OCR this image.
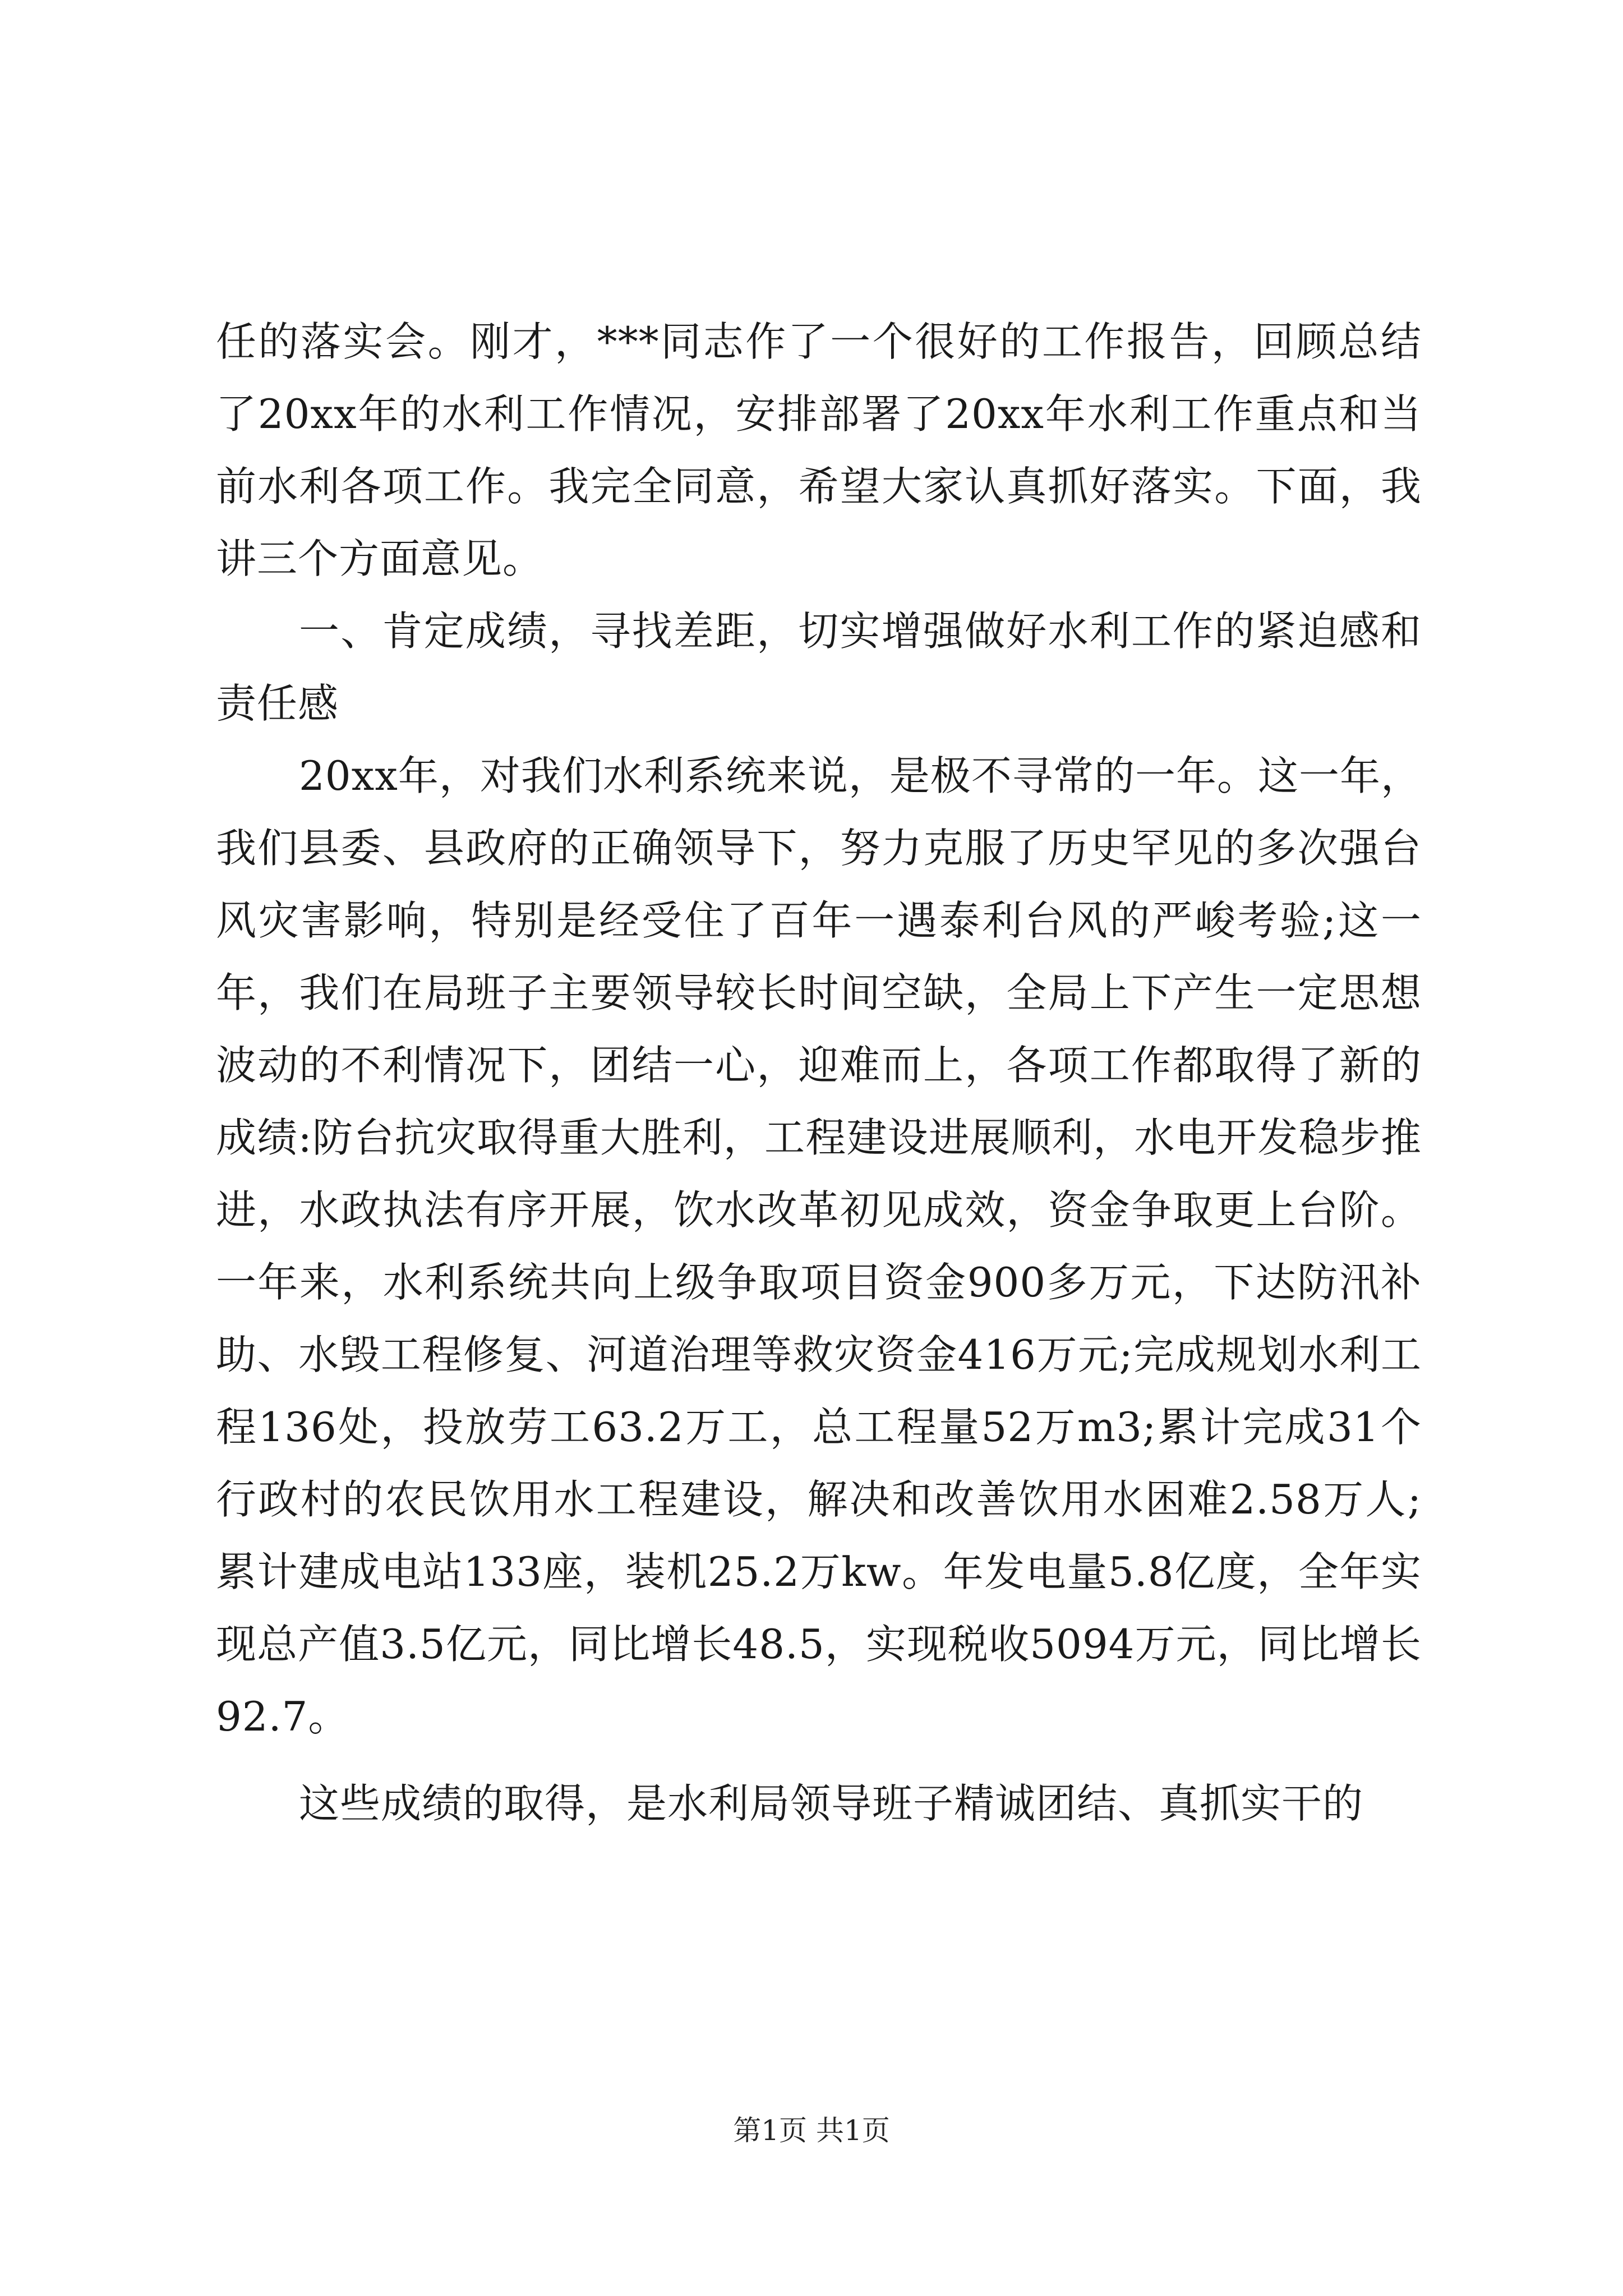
任的落实会。刚才，***同志作了一个很好的工作报告，回顾总结了20xx年的水利工作情况，安排部署了20xx年水利工作重点和当前水利各项工作。我完全同意，希望大家认真抓好落实。下面，我讲三个方面意见。

一、肯定成绩，寻找差距，切实增强做好水利工作的紧迫感和责任感

20xx年，对我们水利系统来说，是极不寻常的一年。这一年，我们县委、县政府的正确领导下，努力克服了历史罕见的多次强台风灾害影响，特别是经受住了百年一遇泰利台风的严峻考验;这一年，我们在局班子主要领导较长时间空缺，全局上下产生一定思想波动的不利情况下，团结一心，迎难而上，各项工作都取得了新的成绩:防台抗灾取得重大胜利，工程建设进展顺利，水电开发稳步推进，水政执法有序开展，饮水改革初见成效，资金争取更上台阶。一年来，水利系统共向上级争取项目资金900多万元，下达防汛补助、水毁工程修复、河道治理等救灾资金416万元;完成规划水利工程136处，投放劳工63.2万工，总工程量52万m3;累计完成31个行政村的农民饮用水工程建设，解决和改善饮用水困难2.58万人;累计建成电站133座，装机25.2万kw。年发电量5.8亿度，全年实现总产值3.5亿元，同比增长48.5，实现税收5094万元，同比增长92.7。

这些成绩的取得，是水利局领导班子精诚团结、真抓实干的

第1页 共1页
